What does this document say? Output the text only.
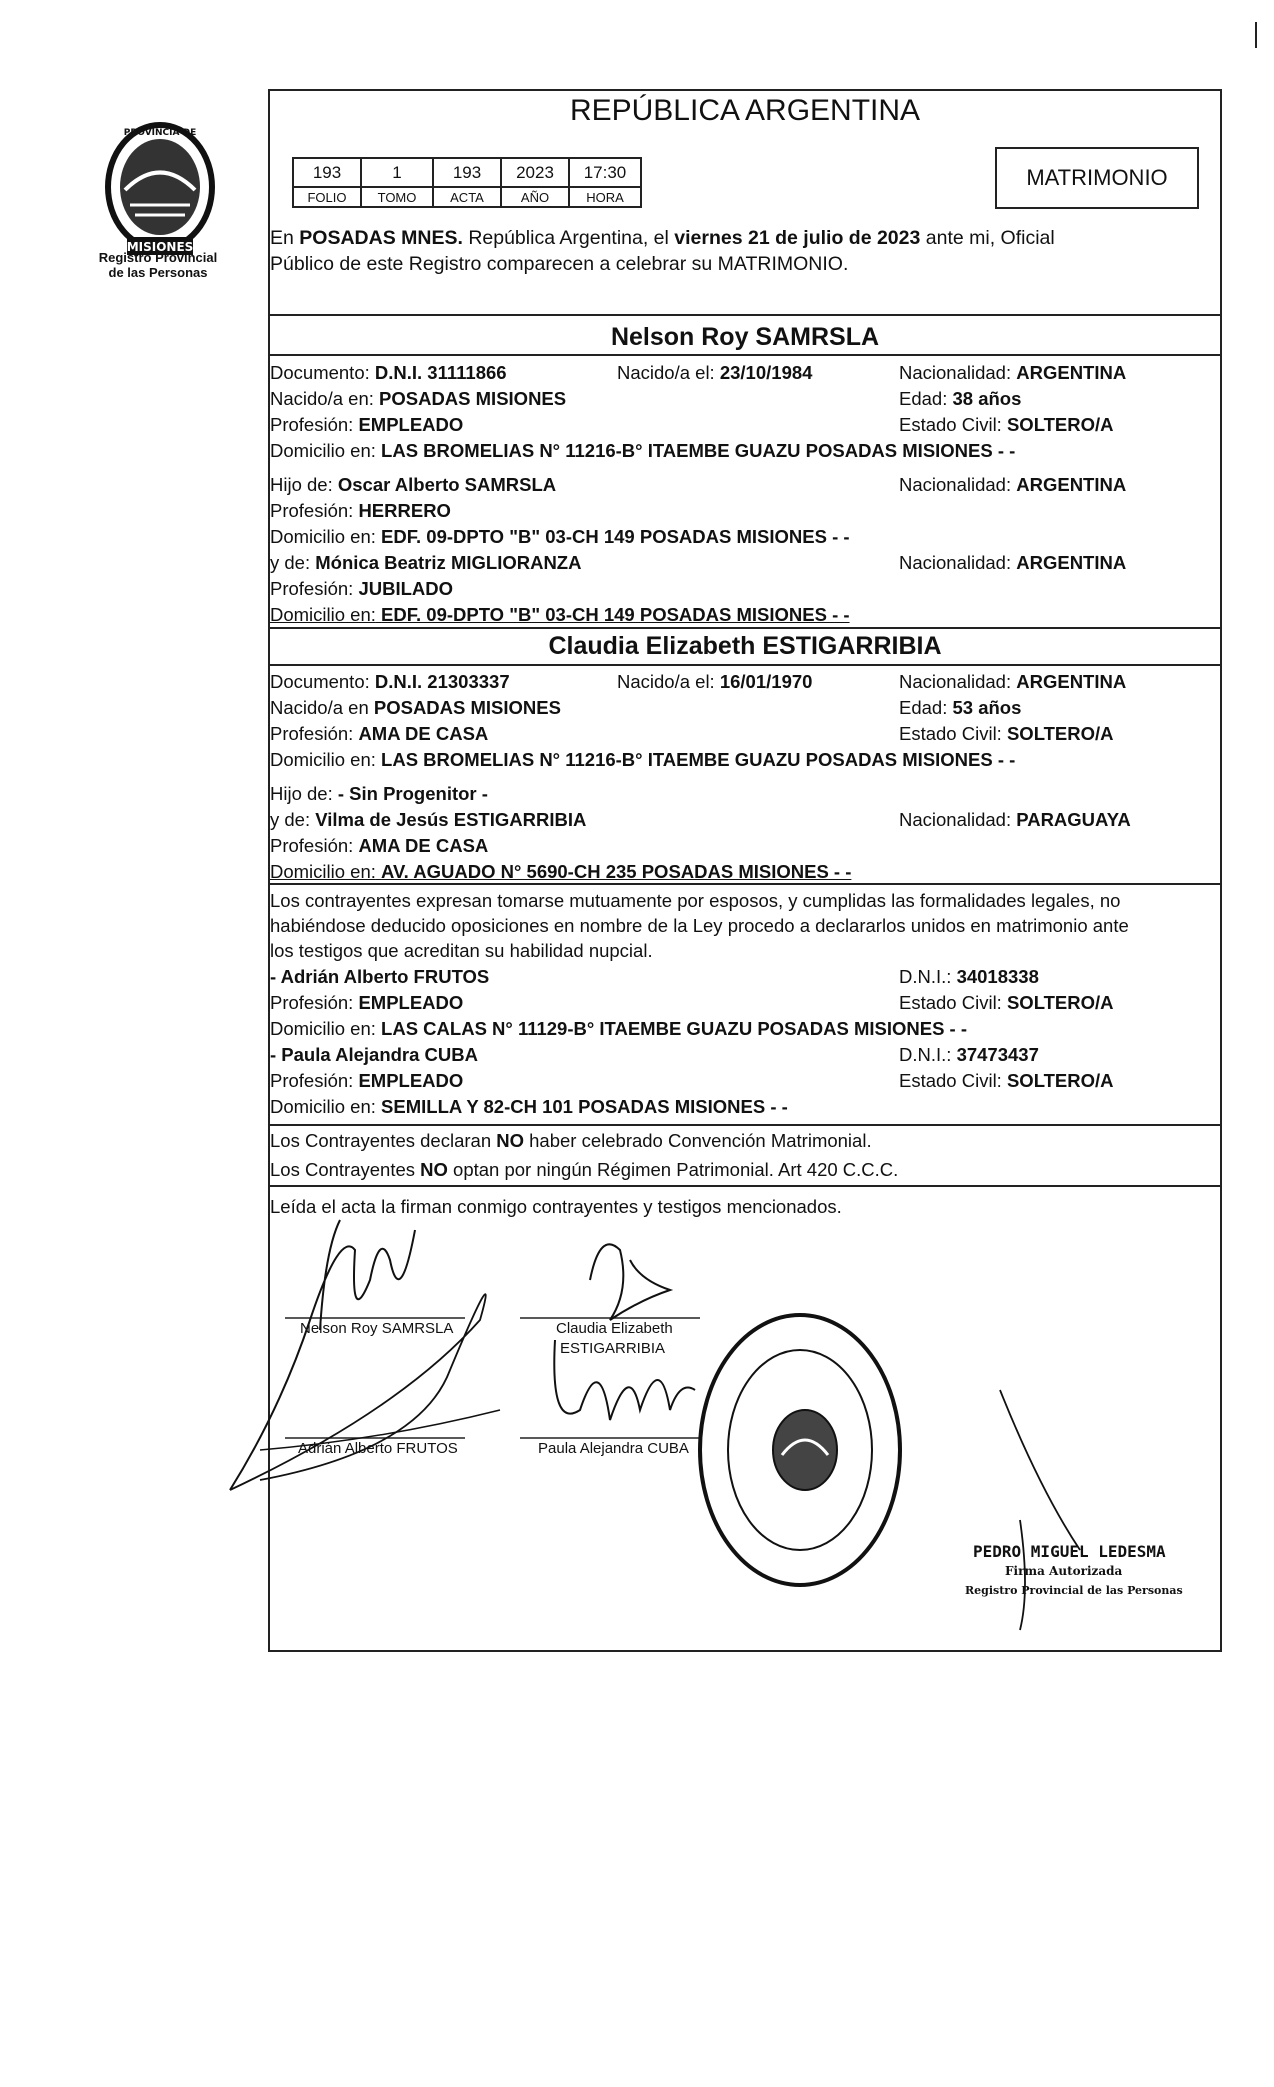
MISIONES
PROVINCIA DE
Registro Provincial
de las Personas
REPÚBLICA ARGENTINA
193	1	193	2023	17:30
FOLIO	TOMO	ACTA	AÑO	HORA
MATRIMONIO
En POSADAS MNES. República Argentina, el viernes 21 de julio de 2023 ante mi, Oficial
Público de este Registro comparecen a celebrar su MATRIMONIO.
Nelson Roy SAMRSLA
Documento: D.N.I. 31111866	Nacido/a el: 23/10/1984	Nacionalidad: ARGENTINA
Nacido/a en: POSADAS MISIONES	Edad: 38 años
Profesión: EMPLEADO	Estado Civil: SOLTERO/A
Domicilio en: LAS BROMELIAS N° 11216-B° ITAEMBE GUAZU POSADAS MISIONES - -
Hijo de: Oscar Alberto SAMRSLA	Nacionalidad: ARGENTINA
Profesión: HERRERO
Domicilio en: EDF. 09-DPTO "B" 03-CH 149 POSADAS MISIONES - -
y de: Mónica Beatriz MIGLIORANZA	Nacionalidad: ARGENTINA
Profesión: JUBILADO
Domicilio en: EDF. 09-DPTO "B" 03-CH 149 POSADAS MISIONES - -
Claudia Elizabeth ESTIGARRIBIA
Documento: D.N.I. 21303337	Nacido/a el: 16/01/1970	Nacionalidad: ARGENTINA
Nacido/a en POSADAS MISIONES	Edad: 53 años
Profesión: AMA DE CASA	Estado Civil: SOLTERO/A
Domicilio en: LAS BROMELIAS N° 11216-B° ITAEMBE GUAZU POSADAS MISIONES - -
Hijo de: - Sin Progenitor -
y de: Vilma de Jesús ESTIGARRIBIA	Nacionalidad: PARAGUAYA
Profesión: AMA DE CASA
Domicilio en: AV. AGUADO N° 5690-CH 235 POSADAS MISIONES - -
Los contrayentes expresan tomarse mutuamente por esposos, y cumplidas las formalidades legales, no
habiéndose deducido oposiciones en nombre de la Ley procedo a declararlos unidos en matrimonio ante
los testigos que acreditan su habilidad nupcial.
- Adrián Alberto FRUTOS	D.N.I.: 34018338
Profesión: EMPLEADO	Estado Civil: SOLTERO/A
Domicilio en: LAS CALAS N° 11129-B° ITAEMBE GUAZU POSADAS MISIONES - -
- Paula Alejandra CUBA	D.N.I.: 37473437
Profesión: EMPLEADO	Estado Civil: SOLTERO/A
Domicilio en: SEMILLA Y 82-CH 101 POSADAS MISIONES - -
Los Contrayentes declaran NO haber celebrado Convención Matrimonial.
Los Contrayentes NO optan por ningún Régimen Patrimonial. Art 420 C.C.C.
Leída el acta la firman conmigo contrayentes y testigos mencionados.
Nelson Roy SAMRSLA	Claudia Elizabeth
ESTIGARRIBIA
Adrián Alberto FRUTOS	Paula Alejandra CUBA
PEDRO MIGUEL LEDESMA
Firma Autorizada
Registro Provincial de las Personas
